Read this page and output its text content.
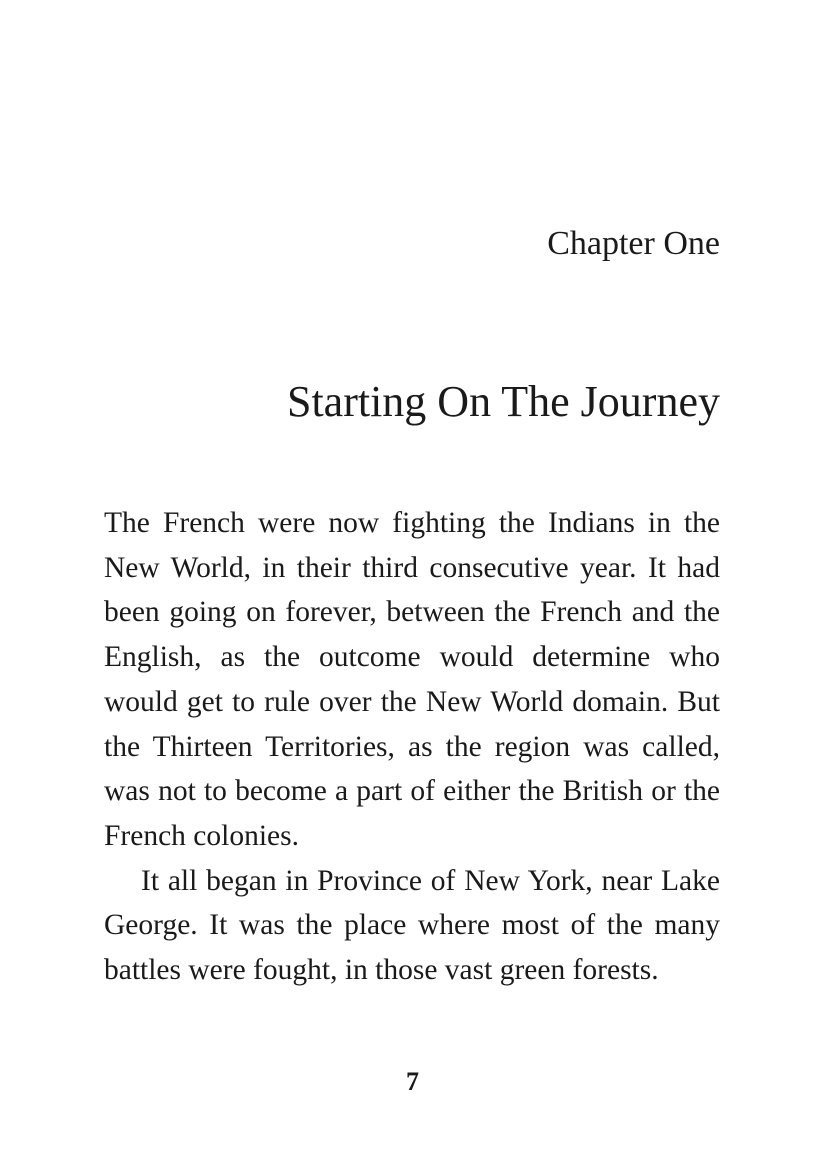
Chapter One
Starting On The Journey

The French were now fighting the Indians in the New World, in their third consecutive year. It had been going on forever, between the French and the English, as the outcome would determine who would get to rule over the New World domain. But the Thirteen Territories, as the region was called, was not to become a part of either the British or the French colonies.

It all began in Province of New York, near Lake George. It was the place where most of the many battles were fought, in those vast green forests.

7
